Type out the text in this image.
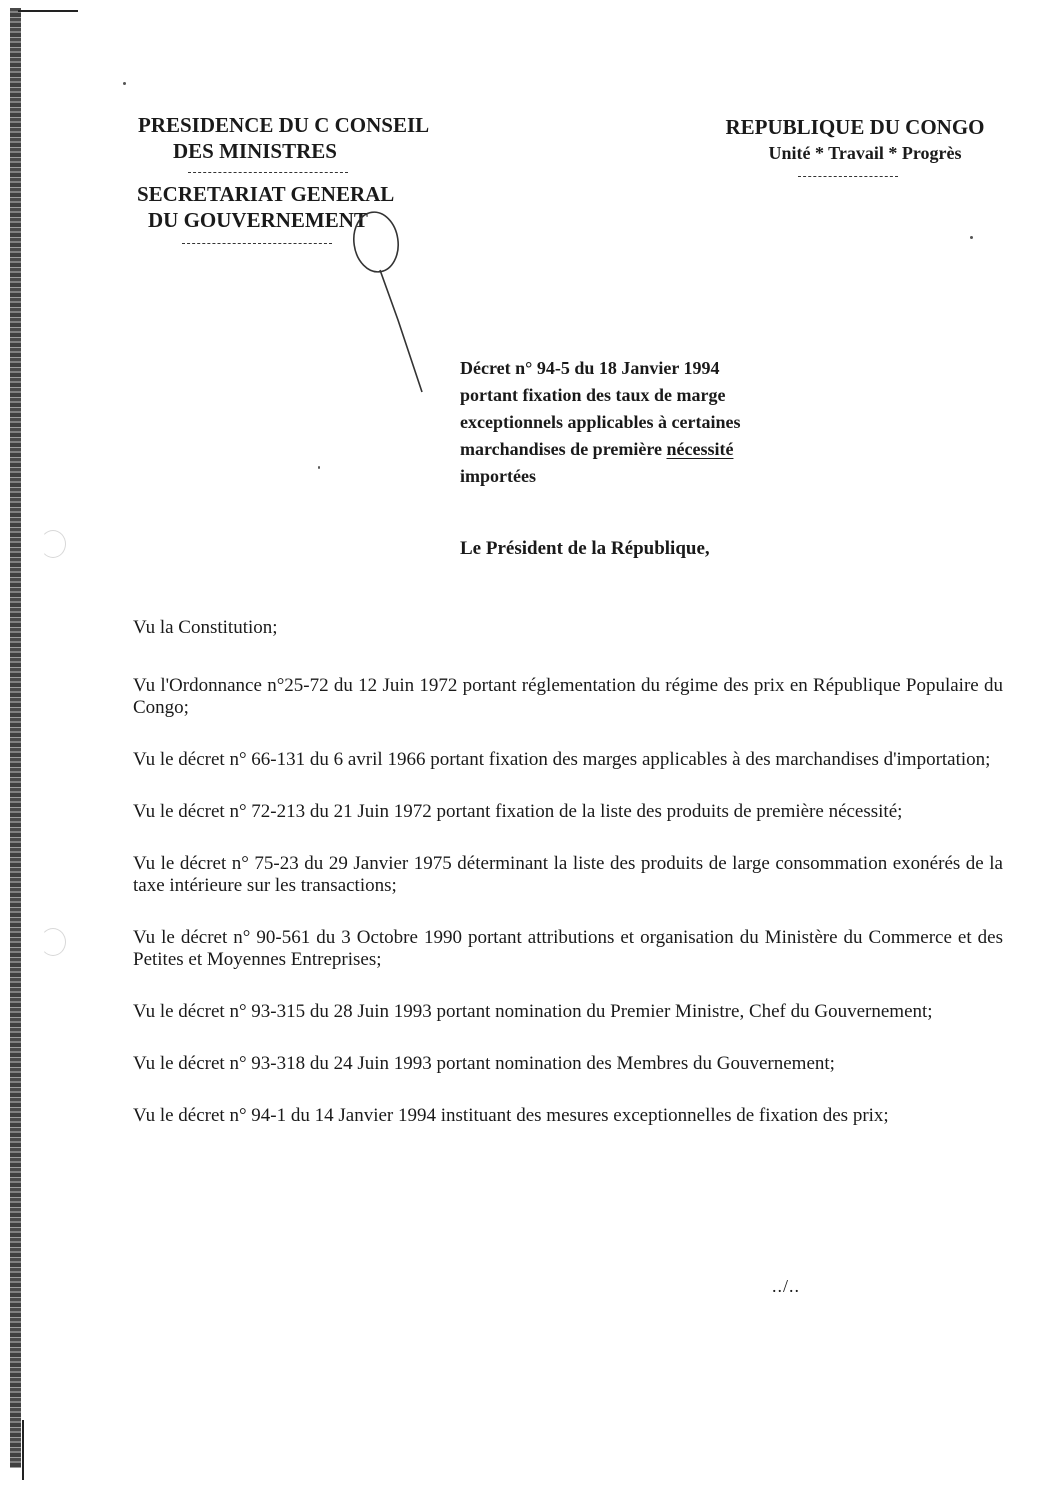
PRESIDENCE DU C CONSEIL
DES MINISTRES
SECRETARIAT GENERAL
DU GOUVERNEMENT
REPUBLIQUE DU CONGO
Unité * Travail * Progrès
Décret n° 94-5 du 18 Janvier 1994
portant fixation des taux de marge
exceptionnels applicables à certaines
marchandises de première nécessité
importées
Le Président de la République,

Vu la Constitution;

Vu l'Ordonnance n°25-72 du 12 Juin 1972 portant réglementation du régime des prix en République Populaire du Congo;

Vu le décret n° 66-131 du 6 avril 1966 portant fixation des marges applicables à des marchandises d'importation;

Vu le décret n° 72-213 du 21 Juin 1972 portant fixation de la liste des produits de première nécessité;

Vu le décret n° 75-23 du 29 Janvier 1975 déterminant la liste des produits de large consommation exonérés de la taxe intérieure sur les transactions;

Vu le décret n° 90-561 du 3 Octobre 1990 portant attributions et organisation du Ministère du Commerce et des Petites et Moyennes Entreprises;

Vu le décret n° 93-315 du 28 Juin 1993 portant nomination du Premier Ministre, Chef du Gouvernement;

Vu le décret n° 93-318 du 24 Juin 1993 portant nomination des Membres du Gouvernement;

Vu le décret n° 94-1 du 14 Janvier 1994 instituant des mesures exceptionnelles de fixation des prix;

../..
